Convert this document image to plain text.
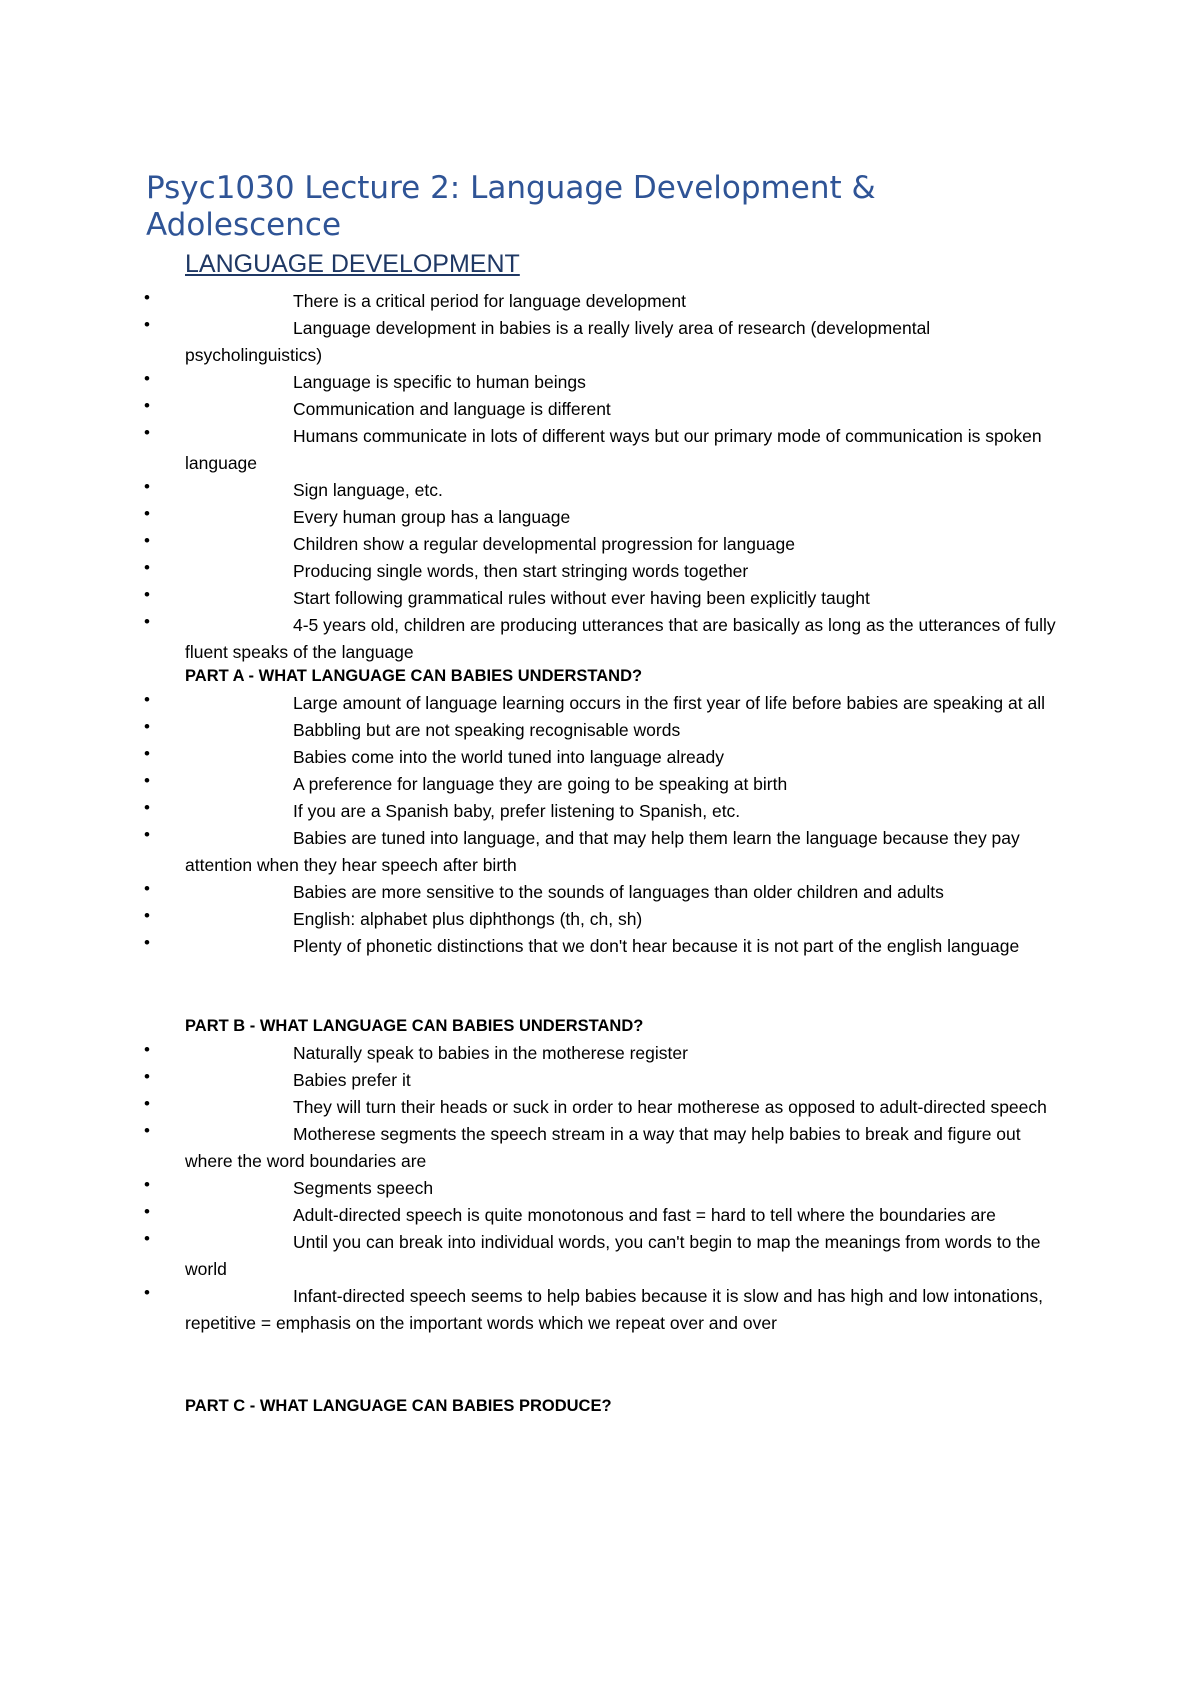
Psyc1030 Lecture 2: Language Development & Adolescence
LANGUAGE DEVELOPMENT
•	There is a critical period for language development
•	Language development in babies is a really lively area of research (developmental psycholinguistics)
•	Language is specific to human beings
•	Communication and language is different
•	Humans communicate in lots of different ways but our primary mode of communication is spoken language
•	Sign language, etc.
•	Every human group has a language
•	Children show a regular developmental progression for language
•	Producing single words, then start stringing words together
•	Start following grammatical rules without ever having been explicitly taught
•	4-5 years old, children are producing utterances that are basically as long as the utterances of fully fluent speaks of the language
PART A - WHAT LANGUAGE CAN BABIES UNDERSTAND?
•	Large amount of language learning occurs in the first year of life before babies are speaking at all
•	Babbling but are not speaking recognisable words
•	Babies come into the world tuned into language already
•	A preference for language they are going to be speaking at birth
•	If you are a Spanish baby, prefer listening to Spanish, etc.
•	Babies are tuned into language, and that may help them learn the language because they pay attention when they hear speech after birth
•	Babies are more sensitive to the sounds of languages than older children and adults
•	English: alphabet plus diphthongs (th, ch, sh)
•	Plenty of phonetic distinctions that we don't hear because it is not part of the english language
PART B - WHAT LANGUAGE CAN BABIES UNDERSTAND?
•	Naturally speak to babies in the motherese register
•	Babies prefer it
•	They will turn their heads or suck in order to hear motherese as opposed to adult-directed speech
•	Motherese segments the speech stream in a way that may help babies to break and figure out where the word boundaries are
•	Segments speech
•	Adult-directed speech is quite monotonous and fast = hard to tell where the boundaries are
•	Until you can break into individual words, you can't begin to map the meanings from words to the world
•	Infant-directed speech seems to help babies because it is slow and has high and low intonations, repetitive = emphasis on the important words which we repeat over and over
PART C - WHAT LANGUAGE CAN BABIES PRODUCE?
